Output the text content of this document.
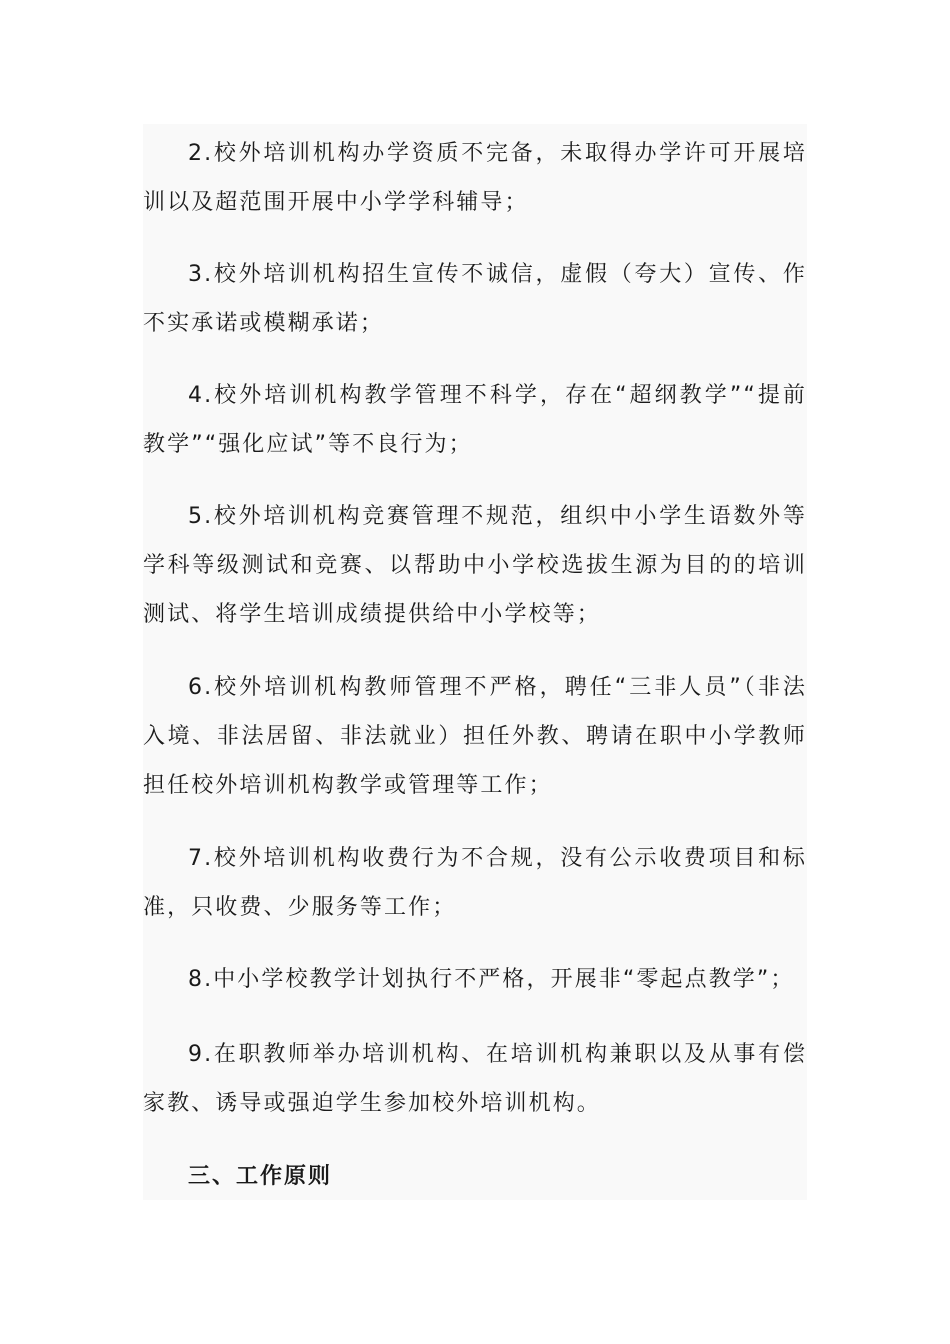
2.校外培训机构办学资质不完备，未取得办学许可开展培训以及超范围开展中小学学科辅导；

3.校外培训机构招生宣传不诚信，虚假（夸大）宣传、作不实承诺或模糊承诺；

4.校外培训机构教学管理不科学，存在“超纲教学”“提前教学”“强化应试”等不良行为；

5.校外培训机构竞赛管理不规范，组织中小学生语数外等学科等级测试和竞赛、以帮助中小学校选拔生源为目的的培训测试、将学生培训成绩提供给中小学校等；

6.校外培训机构教师管理不严格，聘任“三非人员”（非法入境、非法居留、非法就业）担任外教、聘请在职中小学教师担任校外培训机构教学或管理等工作；

7.校外培训机构收费行为不合规，没有公示收费项目和标准，只收费、少服务等工作；

8.中小学校教学计划执行不严格，开展非“零起点教学”；

9.在职教师举办培训机构、在培训机构兼职以及从事有偿家教、诱导或强迫学生参加校外培训机构。

三、工作原则
